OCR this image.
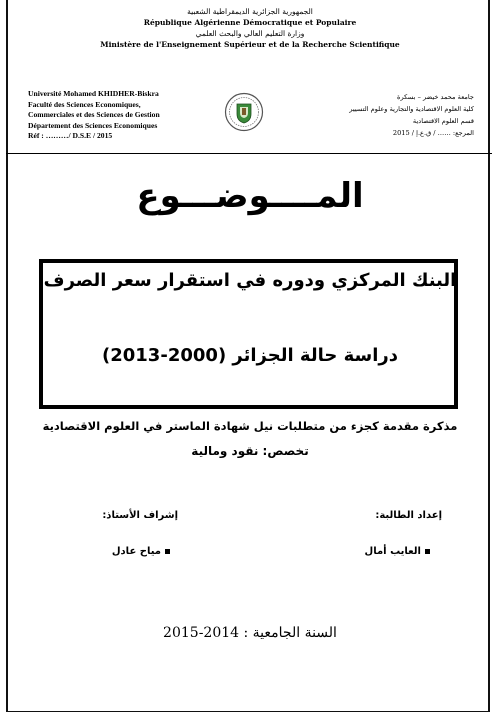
الجمهورية الجزائرية الديمقراطية الشعبية
République Algérienne Démocratique et Populaire
وزارة التعليم العالي والبحث العلمي
Ministère de l'Enseignement Supérieur et de la Recherche Scientifique
Université Mohamed KHIDHER-Biskra
Faculté des Sciences Economiques,
Commerciales et des Sciences de Gestion
Département des Sciences Economiques
Réf : ………/ D.S.E / 2015
جامعة محمد خيضر – بسكرة
كلية العلوم الاقتصادية والتجارية وعلوم التسيير
قسم العلوم الاقتصادية
المرجع: …… / ق.ع.إ / 2015
المــــوضـــوع
البنك المركزي ودوره في استقرار سعر الصرف
دراسة حالة الجزائر (2000-2013)
مذكرة مقدمة كجزء من متطلبات نيل شهادة الماستر في العلوم الاقتصادية
تخصص: نقود ومالية
إعداد الطالبة:
إشراف الأستاذ:
العايب أمال
مياح عادل
السنة الجامعية : 2014-2015
